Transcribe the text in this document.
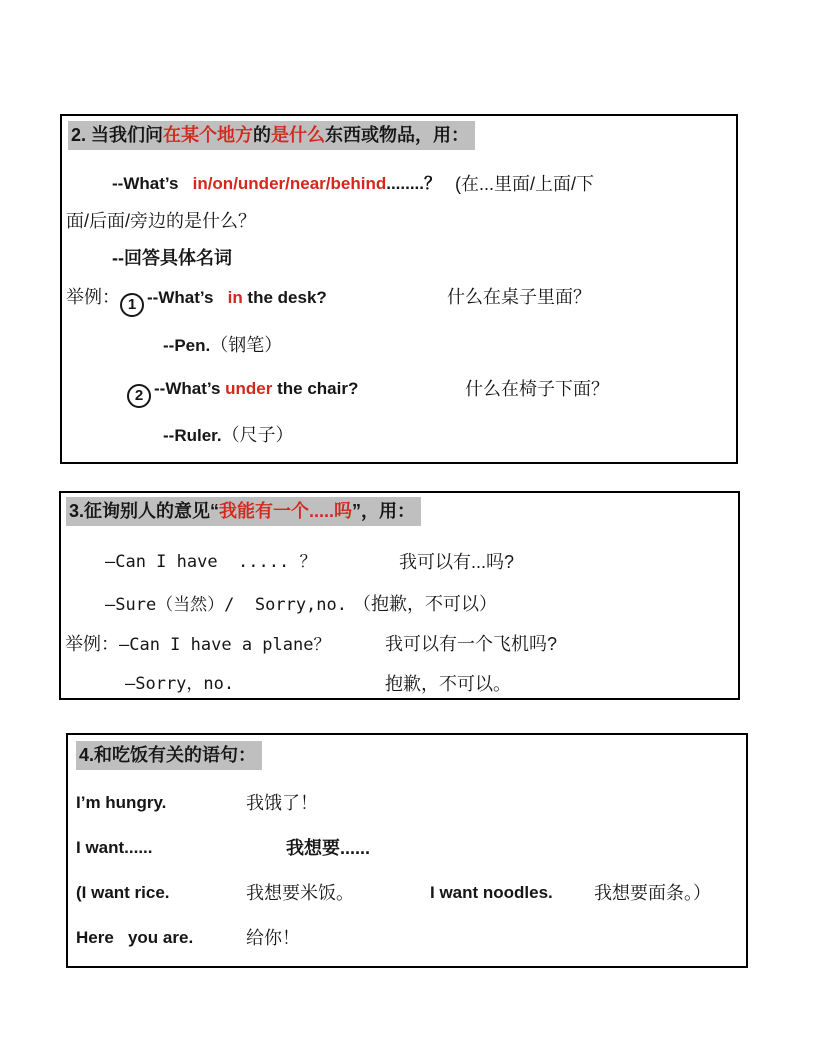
2. 当我们问在某个地方的是什么东西或物品，用：
--What’s   in/on/under/near/behind........？ (在...里面/上面/下
面/后面/旁边的是什么？
--回答具体名词
举例： 1 --What’s   in the desk?	什么在桌子里面？
--Pen.（钢笔）
2 --What’s under the chair?	什么在椅子下面？
--Ruler.（尺子）
3.征询别人的意见“我能有一个.....吗”，用：
—Can I have  ..... ？	我可以有...吗?
—Sure（当然）/  Sorry,no. （抱歉，不可以）
举例：—Can I have a plane？	我可以有一个飞机吗?
—Sorry，no.	抱歉，不可以。
4.和吃饭有关的语句：
I’m hungry.	我饿了！
I want......	我想要......
(I want rice.	我想要米饭。	I want noodles. 我想要面条。）
Here   you are.	给你！
